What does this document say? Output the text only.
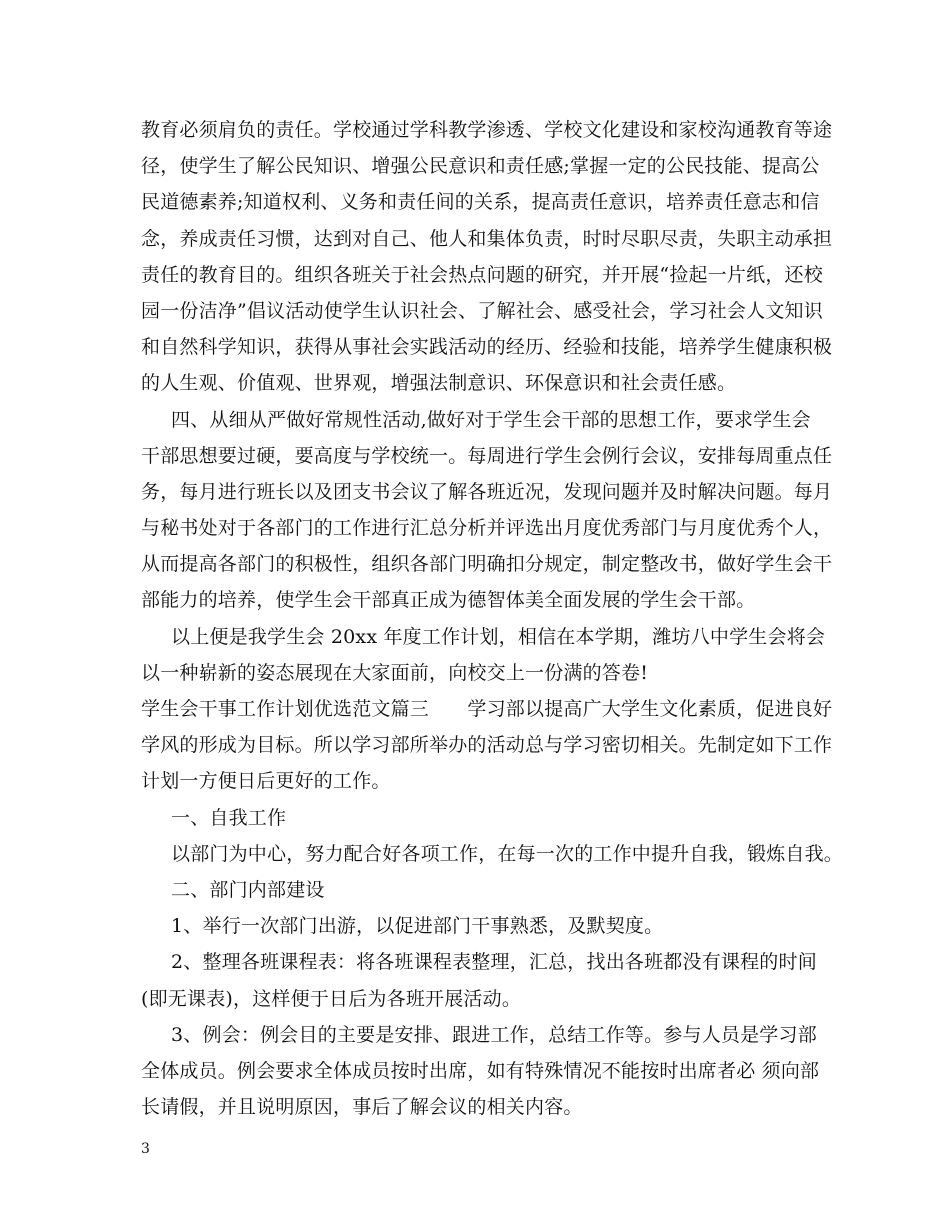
教育必须肩负的责任。学校通过学科教学渗透、学校文化建设和家校沟通教育等途
径，使学生了解公民知识、增强公民意识和责任感;掌握一定的公民技能、提高公
民道德素养;知道权利、义务和责任间的关系，提高责任意识，培养责任意志和信
念，养成责任习惯，达到对自己、他人和集体负责，时时尽职尽责，失职主动承担
责任的教育目的。组织各班关于社会热点问题的研究，并开展“捡起一片纸，还校
园一份洁净”倡议活动使学生认识社会、了解社会、感受社会，学习社会人文知识
和自然科学知识，获得从事社会实践活动的经历、经验和技能，培养学生健康积极
的人生观、价值观、世界观，增强法制意识、环保意识和社会责任感。
四、从细从严做好常规性活动,做好对于学生会干部的思想工作，要求学生会
干部思想要过硬，要高度与学校统一。每周进行学生会例行会议，安排每周重点任
务，每月进行班长以及团支书会议了解各班近况，发现问题并及时解决问题。每月
与秘书处对于各部门的工作进行汇总分析并评选出月度优秀部门与月度优秀个人，
从而提高各部门的积极性，组织各部门明确扣分规定，制定整改书，做好学生会干
部能力的培养，使学生会干部真正成为德智体美全面发展的学生会干部。
以上便是我学生会 20xx 年度工作计划，相信在本学期，潍坊八中学生会将会
以一种崭新的姿态展现在大家面前，向校交上一份满的答卷!
学生会干事工作计划优选范文篇三　　学习部以提高广大学生文化素质，促进良好
学风的形成为目标。所以学习部所举办的活动总与学习密切相关。先制定如下工作
计划一方便日后更好的工作。
一、自我工作
以部门为中心，努力配合好各项工作，在每一次的工作中提升自我，锻炼自我。
二、部门内部建设
1、举行一次部门出游，以促进部门干事熟悉，及默契度。
2、整理各班课程表：将各班课程表整理，汇总，找出各班都没有课程的时间
(即无课表)，这样便于日后为各班开展活动。
3、例会：例会目的主要是安排、跟进工作，总结工作等。参与人员是学习部
全体成员。例会要求全体成员按时出席，如有特殊情况不能按时出席者必 须向部
长请假，并且说明原因，事后了解会议的相关内容。
3
